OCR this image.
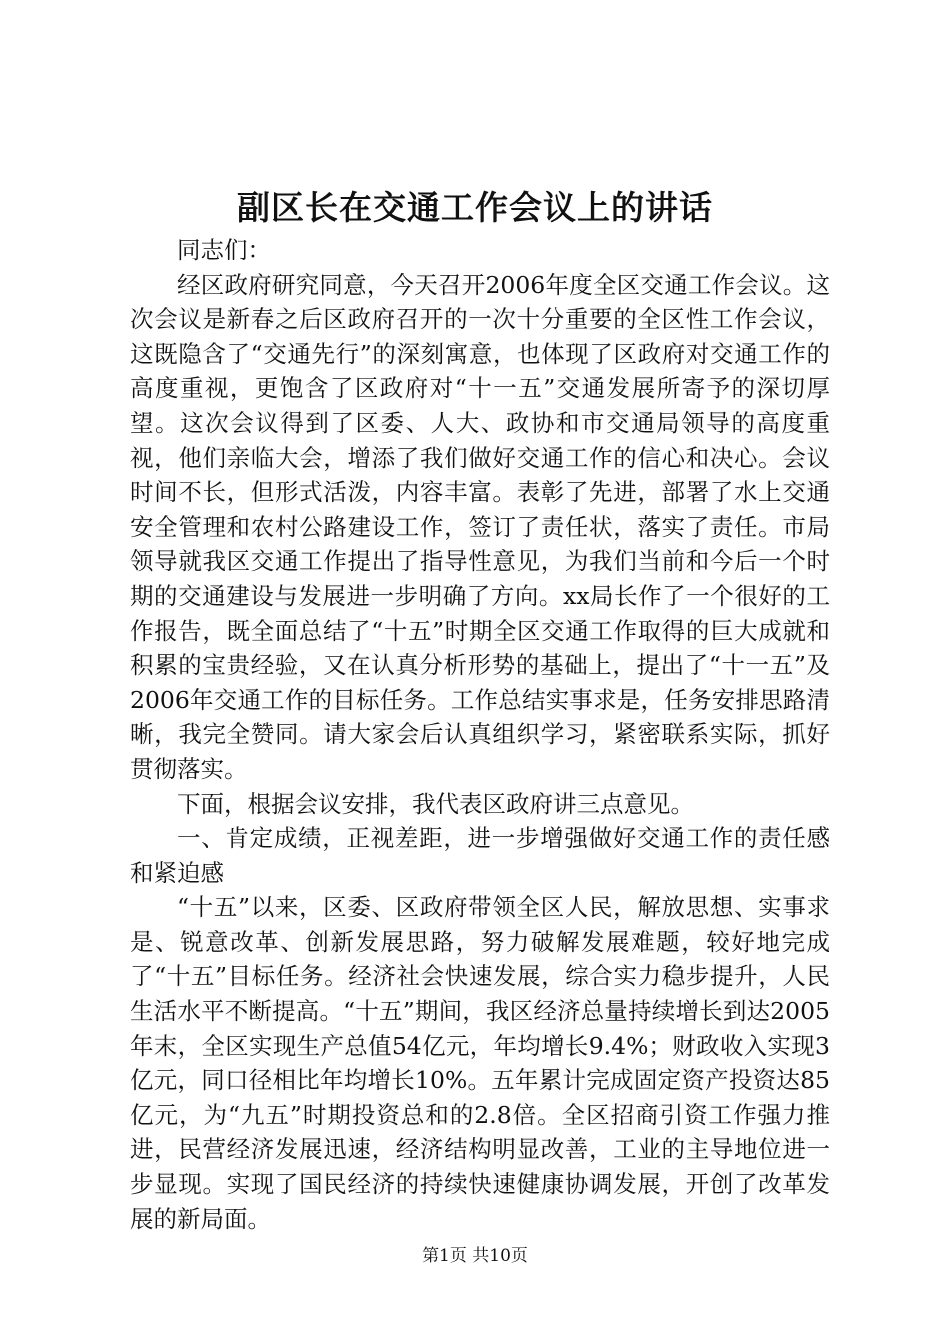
副区长在交通工作会议上的讲话

同志们：

经区政府研究同意，今天召开2006年度全区交通工作会议。这次会议是新春之后区政府召开的一次十分重要的全区性工作会议，这既隐含了“交通先行”的深刻寓意，也体现了区政府对交通工作的高度重视，更饱含了区政府对“十一五”交通发展所寄予的深切厚望。这次会议得到了区委、人大、政协和市交通局领导的高度重视，他们亲临大会，增添了我们做好交通工作的信心和决心。会议时间不长，但形式活泼，内容丰富。表彰了先进，部署了水上交通安全管理和农村公路建设工作，签订了责任状，落实了责任。市局领导就我区交通工作提出了指导性意见，为我们当前和今后一个时期的交通建设与发展进一步明确了方向。xx局长作了一个很好的工作报告，既全面总结了“十五”时期全区交通工作取得的巨大成就和积累的宝贵经验，又在认真分析形势的基础上，提出了“十一五”及2006年交通工作的目标任务。工作总结实事求是，任务安排思路清晰，我完全赞同。请大家会后认真组织学习，紧密联系实际，抓好贯彻落实。

下面，根据会议安排，我代表区政府讲三点意见。

一、肯定成绩，正视差距，进一步增强做好交通工作的责任感和紧迫感

“十五”以来，区委、区政府带领全区人民，解放思想、实事求是、锐意改革、创新发展思路，努力破解发展难题，较好地完成了“十五”目标任务。经济社会快速发展，综合实力稳步提升，人民生活水平不断提高。“十五”期间，我区经济总量持续增长到达2005年末，全区实现生产总值54亿元，年均增长9.4%；财政收入实现3亿元，同口径相比年均增长10%。五年累计完成固定资产投资达85亿元，为“九五”时期投资总和的2.8倍。全区招商引资工作强力推进，民营经济发展迅速，经济结构明显改善，工业的主导地位进一步显现。实现了国民经济的持续快速健康协调发展，开创了改革发展的新局面。

第1页 共10页
